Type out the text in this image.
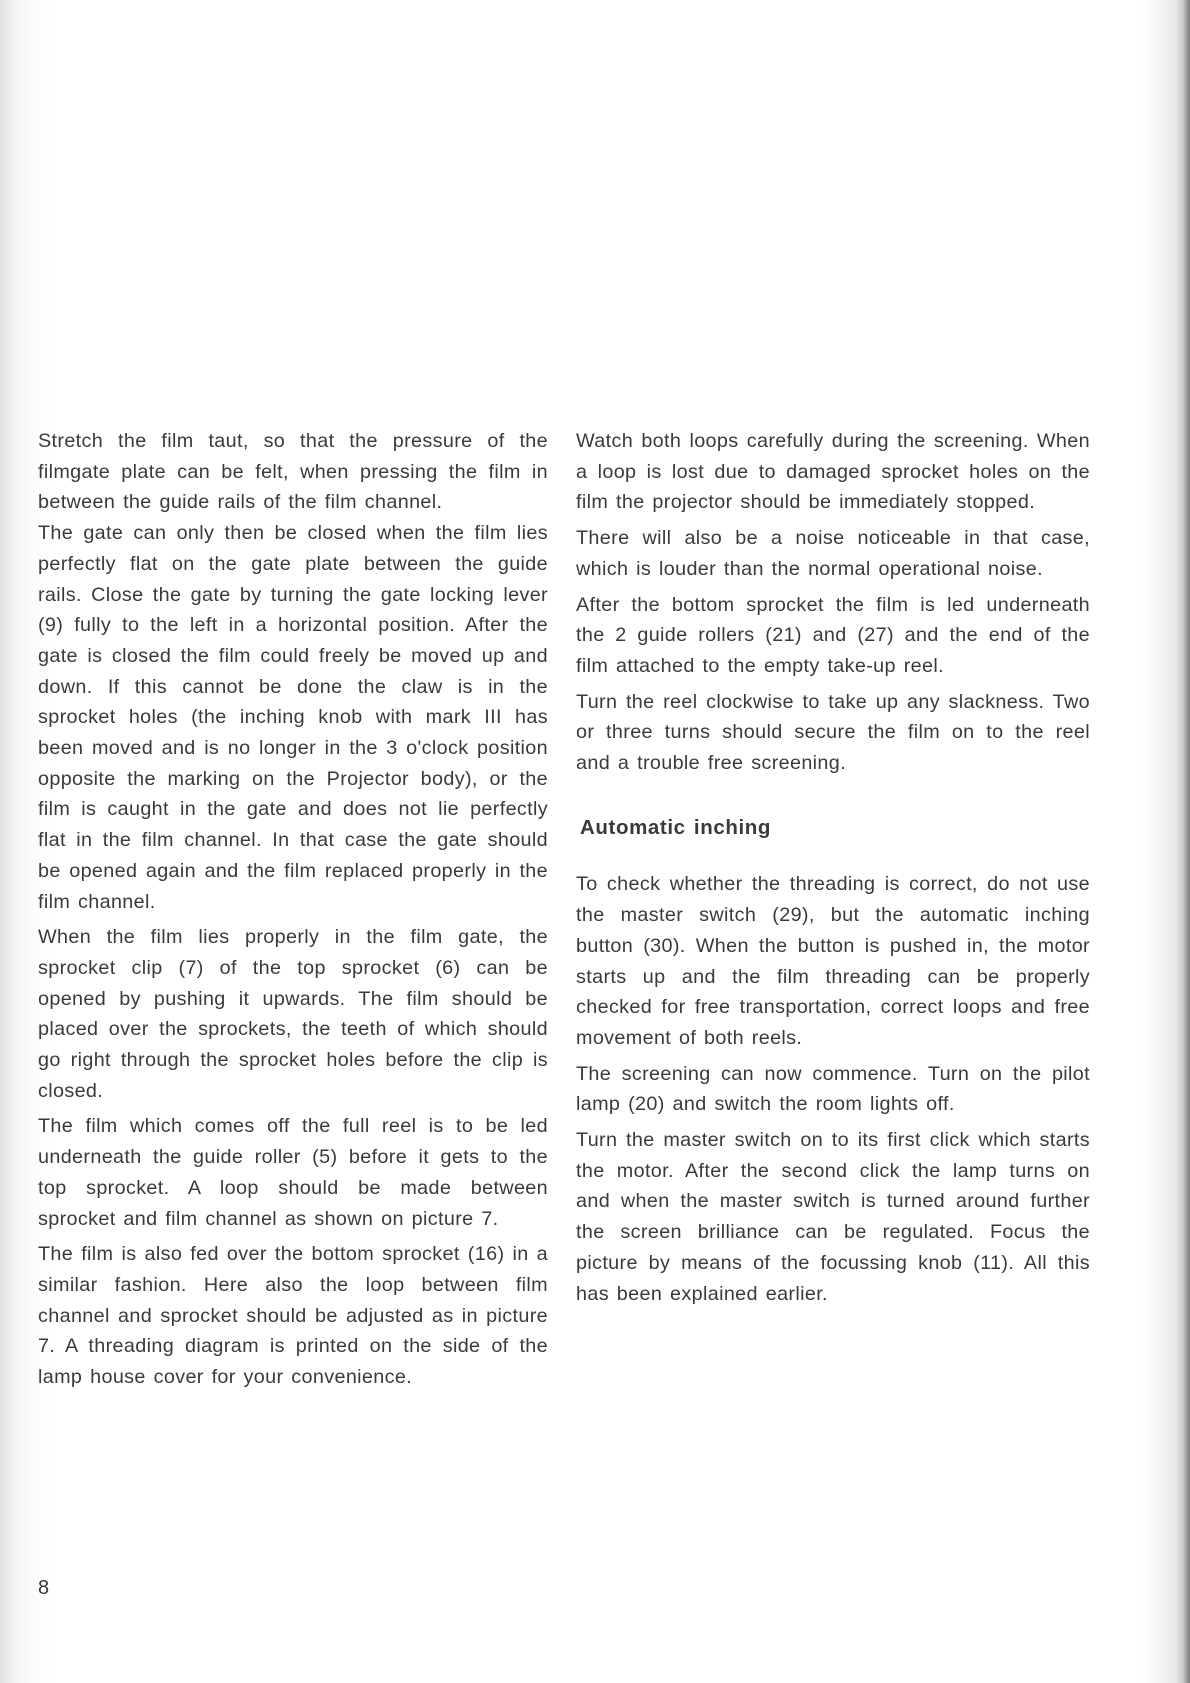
Stretch the film taut, so that the pressure of the filmgate plate can be felt, when pressing the film in between the guide rails of the film channel.

The gate can only then be closed when the film lies perfectly flat on the gate plate between the guide rails. Close the gate by turning the gate locking lever (9) fully to the left in a horizontal position. After the gate is closed the film could freely be moved up and down. If this cannot be done the claw is in the sprocket holes (the inching knob with mark III has been moved and is no longer in the 3 o'clock position opposite the marking on the Projector body), or the film is caught in the gate and does not lie perfectly flat in the film channel. In that case the gate should be opened again and the film replaced properly in the film channel.

When the film lies properly in the film gate, the sprocket clip (7) of the top sprocket (6) can be opened by pushing it upwards. The film should be placed over the sprockets, the teeth of which should go right through the sprocket holes before the clip is closed.

The film which comes off the full reel is to be led underneath the guide roller (5) before it gets to the top sprocket. A loop should be made between sprocket and film channel as shown on picture 7.

The film is also fed over the bottom sprocket (16) in a similar fashion. Here also the loop between film channel and sprocket should be adjusted as in picture 7. A threading diagram is printed on the side of the lamp house cover for your convenience.

Watch both loops carefully during the screening. When a loop is lost due to damaged sprocket holes on the film the projector should be immediately stopped.

There will also be a noise noticeable in that case, which is louder than the normal operational noise.

After the bottom sprocket the film is led underneath the 2 guide rollers (21) and (27) and the end of the film attached to the empty take-up reel.

Turn the reel clockwise to take up any slackness. Two or three turns should secure the film on to the reel and a trouble free screening.

Automatic inching

To check whether the threading is correct, do not use the master switch (29), but the automatic inching button (30). When the button is pushed in, the motor starts up and the film threading can be properly checked for free transportation, correct loops and free movement of both reels.

The screening can now commence. Turn on the pilot lamp (20) and switch the room lights off.

Turn the master switch on to its first click which starts the motor. After the second click the lamp turns on and when the master switch is turned around further the screen brilliance can be regulated. Focus the picture by means of the focussing knob (11). All this has been explained earlier.

8
